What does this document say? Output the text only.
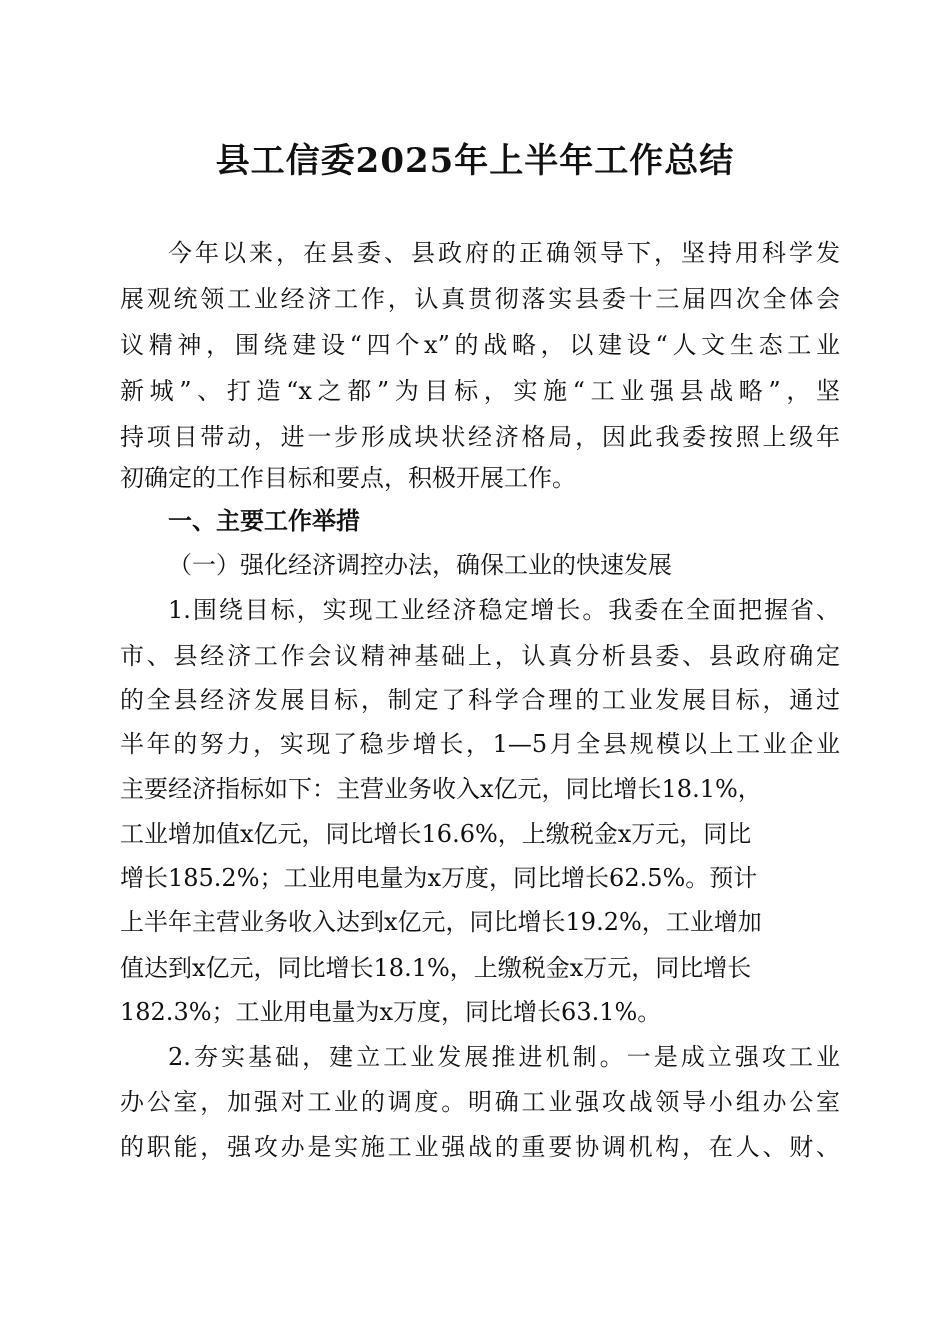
县工信委2025年上半年工作总结
今年以来，在县委、县政府的正确领导下，坚持用科学发
展观统领工业经济工作，认真贯彻落实县委十三届四次全体会
议精神，围绕建设“四个x”的战略，以建设“人文生态工业
新城”、打造“x之都”为目标，实施“工业强县战略”，坚
持项目带动，进一步形成块状经济格局，因此我委按照上级年
初确定的工作目标和要点，积极开展工作。
一、主要工作举措
（一）强化经济调控办法，确保工业的快速发展
1.围绕目标，实现工业经济稳定增长。我委在全面把握省、
市、县经济工作会议精神基础上，认真分析县委、县政府确定
的全县经济发展目标，制定了科学合理的工业发展目标，通过
半年的努力，实现了稳步增长，1—5月全县规模以上工业企业
主要经济指标如下：主营业务收入x亿元，同比增长18.1%，
工业增加值x亿元，同比增长16.6%，上缴税金x万元，同比
增长185.2%；工业用电量为x万度，同比增长62.5%。预计
上半年主营业务收入达到x亿元，同比增长19.2%，工业增加
值达到x亿元，同比增长18.1%，上缴税金x万元，同比增长
182.3%；工业用电量为x万度，同比增长63.1%。
2.夯实基础，建立工业发展推进机制。一是成立强攻工业
办公室，加强对工业的调度。明确工业强攻战领导小组办公室
的职能，强攻办是实施工业强战的重要协调机构，在人、财、
